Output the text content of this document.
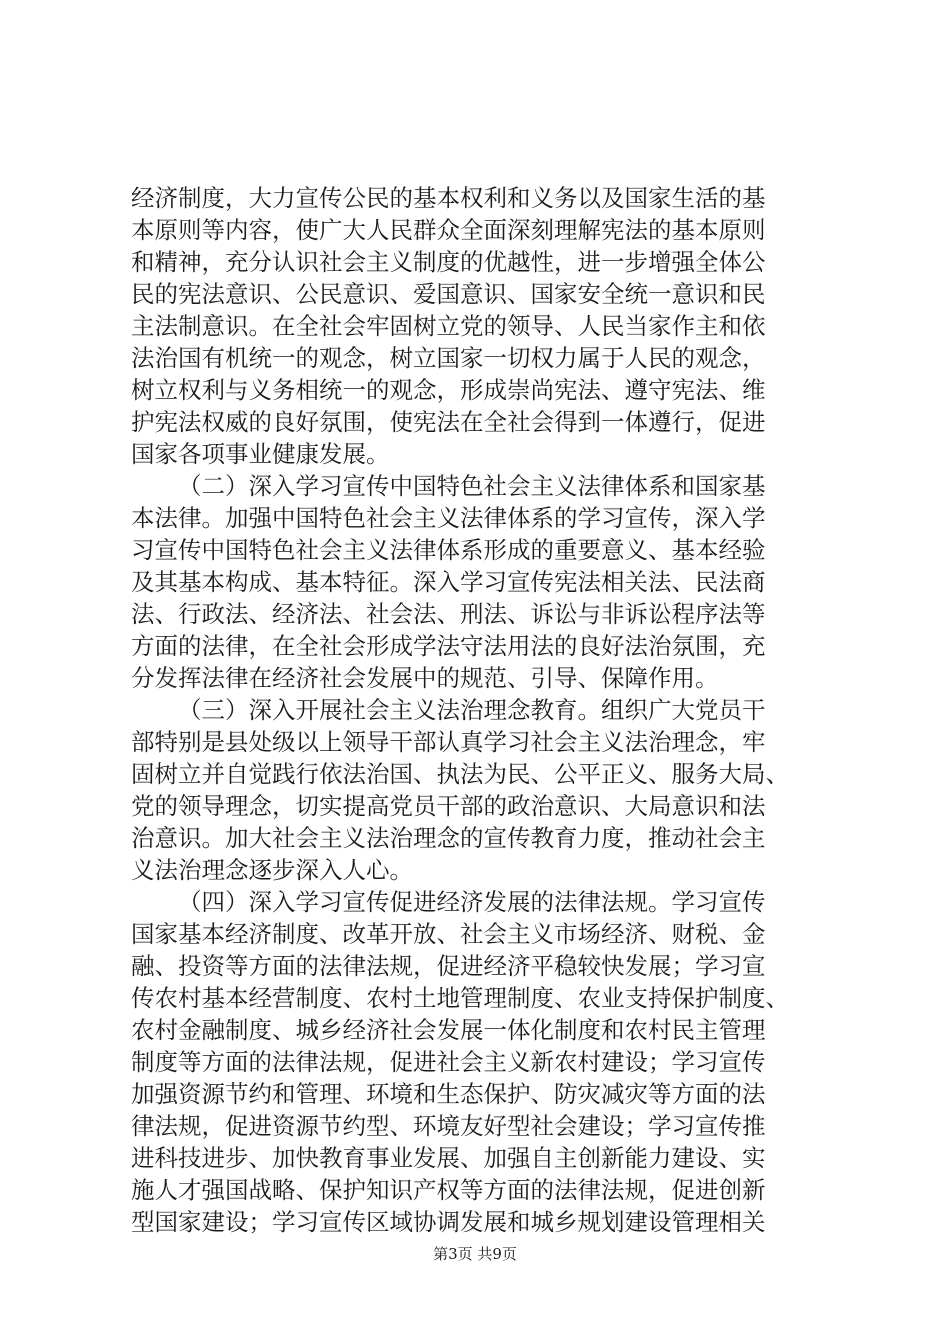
经济制度，大力宣传公民的基本权利和义务以及国家生活的基
本原则等内容，使广大人民群众全面深刻理解宪法的基本原则
和精神，充分认识社会主义制度的优越性，进一步增强全体公
民的宪法意识、公民意识、爱国意识、国家安全统一意识和民
主法制意识。在全社会牢固树立党的领导、人民当家作主和依
法治国有机统一的观念，树立国家一切权力属于人民的观念，
树立权利与义务相统一的观念，形成崇尚宪法、遵守宪法、维
护宪法权威的良好氛围，使宪法在全社会得到一体遵行，促进
国家各项事业健康发展。
（二）深入学习宣传中国特色社会主义法律体系和国家基
本法律。加强中国特色社会主义法律体系的学习宣传，深入学
习宣传中国特色社会主义法律体系形成的重要意义、基本经验
及其基本构成、基本特征。深入学习宣传宪法相关法、民法商
法、行政法、经济法、社会法、刑法、诉讼与非诉讼程序法等
方面的法律，在全社会形成学法守法用法的良好法治氛围，充
分发挥法律在经济社会发展中的规范、引导、保障作用。
（三）深入开展社会主义法治理念教育。组织广大党员干
部特别是县处级以上领导干部认真学习社会主义法治理念，牢
固树立并自觉践行依法治国、执法为民、公平正义、服务大局、
党的领导理念，切实提高党员干部的政治意识、大局意识和法
治意识。加大社会主义法治理念的宣传教育力度，推动社会主
义法治理念逐步深入人心。
（四）深入学习宣传促进经济发展的法律法规。学习宣传
国家基本经济制度、改革开放、社会主义市场经济、财税、金
融、投资等方面的法律法规，促进经济平稳较快发展；学习宣
传农村基本经营制度、农村土地管理制度、农业支持保护制度、
农村金融制度、城乡经济社会发展一体化制度和农村民主管理
制度等方面的法律法规，促进社会主义新农村建设；学习宣传
加强资源节约和管理、环境和生态保护、防灾减灾等方面的法
律法规，促进资源节约型、环境友好型社会建设；学习宣传推
进科技进步、加快教育事业发展、加强自主创新能力建设、实
施人才强国战略、保护知识产权等方面的法律法规，促进创新
型国家建设；学习宣传区域协调发展和城乡规划建设管理相关
第3页 共9页
